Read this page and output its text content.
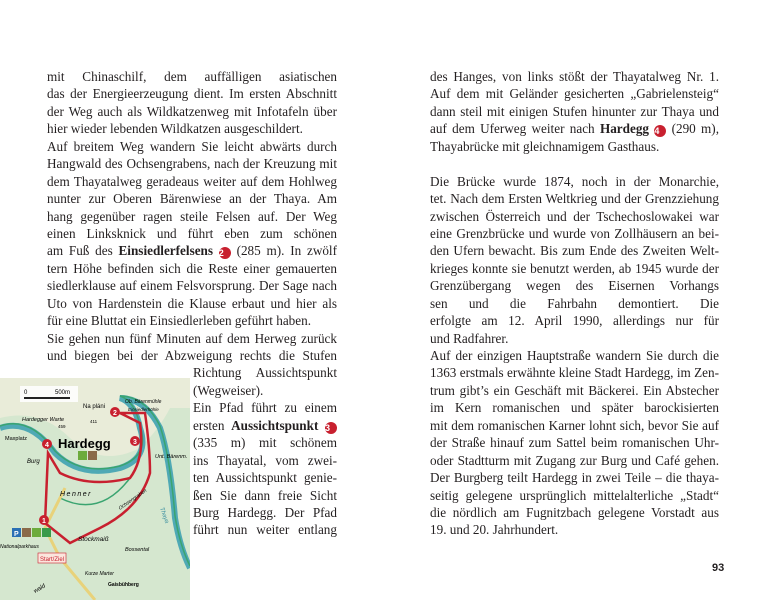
mit Chinaschilf, dem auffälligen asiatischen
das der Energieerzeugung dient. Im ersten Abschnitt
der Weg auch als Wildkatzenweg mit Infotafeln über
hier wieder lebenden Wildkatzen ausgeschildert.
Auf breitem Weg wandern Sie leicht abwärts durch
Hangwald des Ochsengrabens, nach der Kreuzung mit
dem Thayatalweg geradeaus weiter auf dem Hohlweg
nunter zur Oberen Bärenwiese an der Thaya. Am
hang gegenüber ragen steile Felsen auf. Der Weg
einen Linksknick und führt eben zum schönen
am Fuß des Einsiedlerfelsens 2 (285 m). In zwölf
tern Höhe befinden sich die Reste einer gemauerten
siedlerklause auf einem Felsvorsprung. Der Sage nach
Uto von Hardenstein die Klause erbaut und hier als
für eine Bluttat ein Einsiedlerleben geführt haben.
Sie gehen nun fünf Minuten auf dem Herweg zurück
und biegen bei der Abzweigung rechts die Stufen
Richtung Aussichtspunkt
(Wegweiser).
Ein Pfad führt zu einem
ersten Aussichtspunkt 3
(335 m) mit schönem
ins Thayatal, vom zwei-
ten Aussichtspunkt genie-
ßen Sie dann freie Sicht
Burg Hardegg. Der Pfad
führt nun weiter entlang
des Hanges, von links stößt der Thayatalweg Nr. 1.
Auf dem mit Geländer gesicherten „Gabrielensteig“
dann steil mit einigen Stufen hinunter zur Thaya und
auf dem Uferweg weiter nach Hardegg 4 (290 m),
Thayabrücke mit gleichnamigem Gasthaus.
Die Brücke wurde 1874, noch in der Monarchie,
tet. Nach dem Ersten Weltkrieg und der Grenzziehung
zwischen Österreich und der Tschechoslowakei war
eine Grenzbrücke und wurde von Zollhäusern an bei-
den Ufern bewacht. Bis zum Ende des Zweiten Welt-
krieges konnte sie benutzt werden, ab 1945 wurde der
Grenzübergang wegen des Eisernen Vorhangs
sen und die Fahrbahn demontiert. Die
erfolgte am 12. April 1990, allerdings nur für
und Radfahrer.
Auf der einzigen Hauptstraße wandern Sie durch die
1363 erstmals erwähnte kleine Stadt Hardegg, im Zen-
trum gibt’s ein Geschäft mit Bäckerei. Ein Abstecher
im Kern romanischen und später barockisierten
mit dem romanischen Karner lohnt sich, bevor Sie auf
der Straße hinauf zum Sattel beim romanischen Uhr-
oder Stadtturm mit Zugang zur Burg und Café gehen.
Der Burgberg teilt Hardegg in zwei Teile – die thaya-
seitig gelegene ursprünglich mittelalterliche „Stadt“
die nördlich am Fugnitzbach gelegene Vorstadt aus
19. und 20. Jahrhundert.
93
0	500m
Hardegger Warte
459
Na pláni
411
Ob. Bärenmühle
Einsiedlerhöhle
Hardegg
Maxplatz
Burg
Henner
Unt. Bärenm.
Ochsengraben
Thaya
Stockmaiß
Bossental
Nationalparkhaus
Kurze Marter
Gaisbühberg
wald
Start/Ziel
P
1
2
3
4
